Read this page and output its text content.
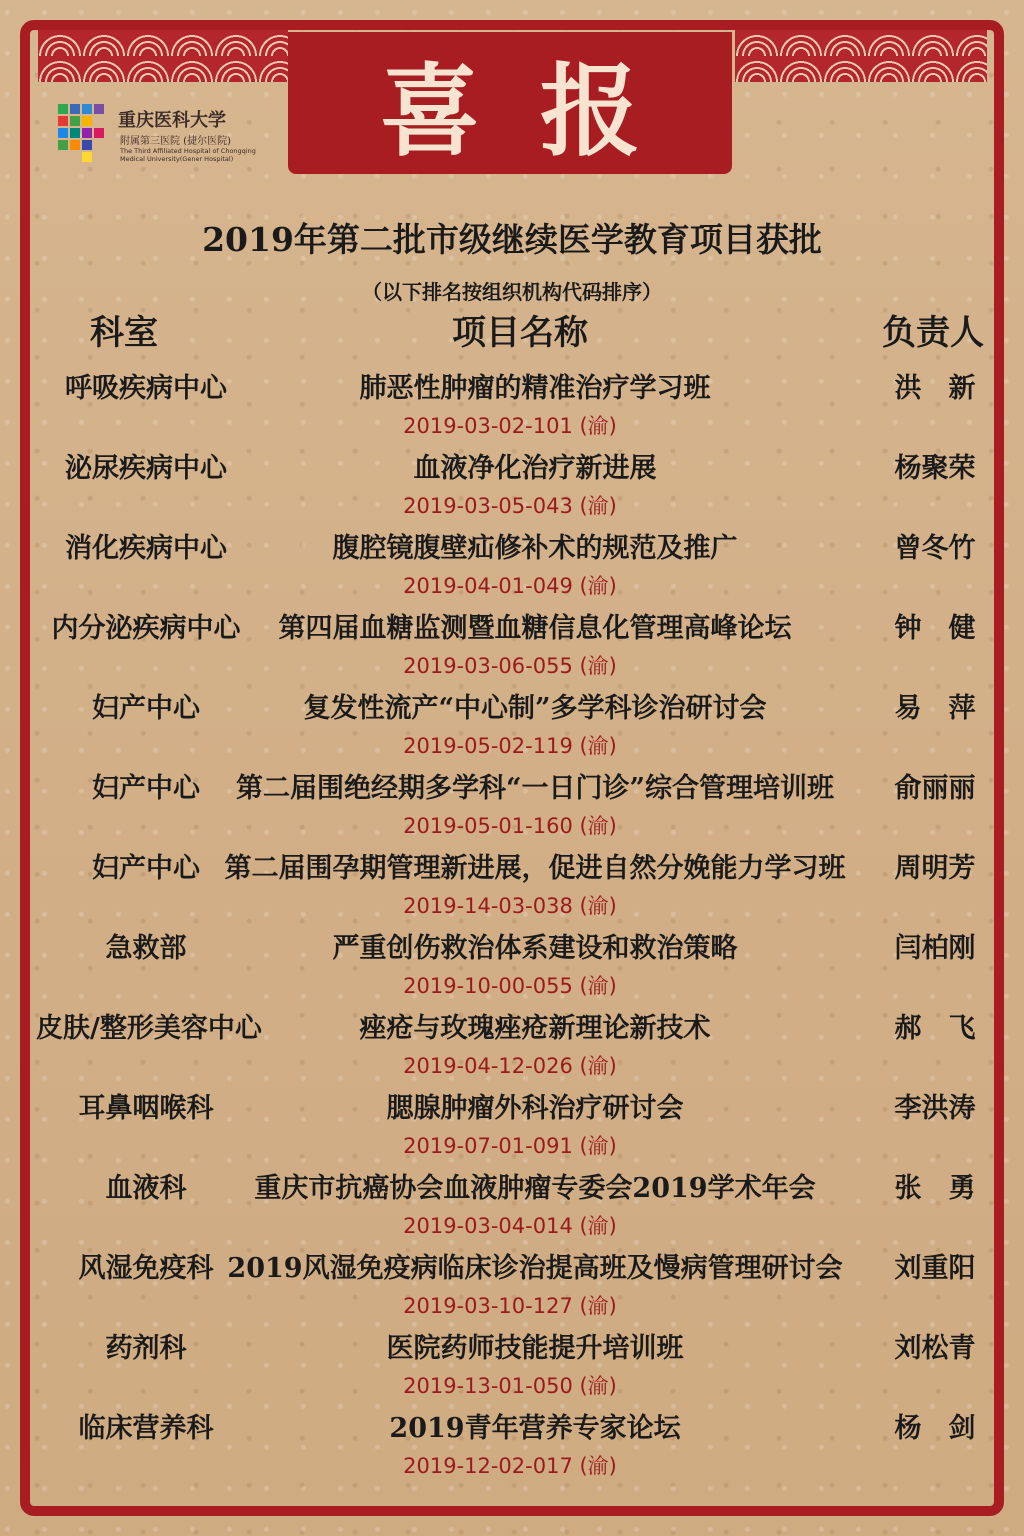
喜报
重庆医科大学
附属第三医院 (捷尔医院)
The Third Affiliated Hospital of Chongqing
Medical University(Gener Hospital)
2019年第二批市级继续医学教育项目获批
（以下排名按组织机构代码排序）
科室	项目名称	负责人
呼吸疾病中心	肺恶性肿瘤的精准治疗学习班	洪　新
2019-03-02-101 (渝)
泌尿疾病中心	血液净化治疗新进展	杨聚荣
2019-03-05-043 (渝)
消化疾病中心	腹腔镜腹壁疝修补术的规范及推广	曾冬竹
2019-04-01-049 (渝)
内分泌疾病中心	第四届血糖监测暨血糖信息化管理高峰论坛	钟　健
2019-03-06-055 (渝)
妇产中心	复发性流产“中心制”多学科诊治研讨会	易　萍
2019-05-02-119 (渝)
妇产中心	第二届围绝经期多学科“一日门诊”综合管理培训班	俞丽丽
2019-05-01-160 (渝)
妇产中心 第二届围孕期管理新进展，促进自然分娩能力学习班	周明芳
2019-14-03-038 (渝)
急救部	严重创伤救治体系建设和救治策略	闫柏刚
2019-10-00-055 (渝)
皮肤/整形美容中心	痤疮与玫瑰痤疮新理论新技术	郝　飞
2019-04-12-026 (渝)
耳鼻咽喉科	腮腺肿瘤外科治疗研讨会	李洪涛
2019-07-01-091 (渝)
血液科	重庆市抗癌协会血液肿瘤专委会2019学术年会	张　勇
2019-03-04-014 (渝)
风湿免疫科 2019风湿免疫病临床诊治提高班及慢病管理研讨会	刘重阳
2019-03-10-127 (渝)
药剂科	医院药师技能提升培训班	刘松青
2019-13-01-050 (渝)
临床营养科	2019青年营养专家论坛	杨　剑
2019-12-02-017 (渝)
